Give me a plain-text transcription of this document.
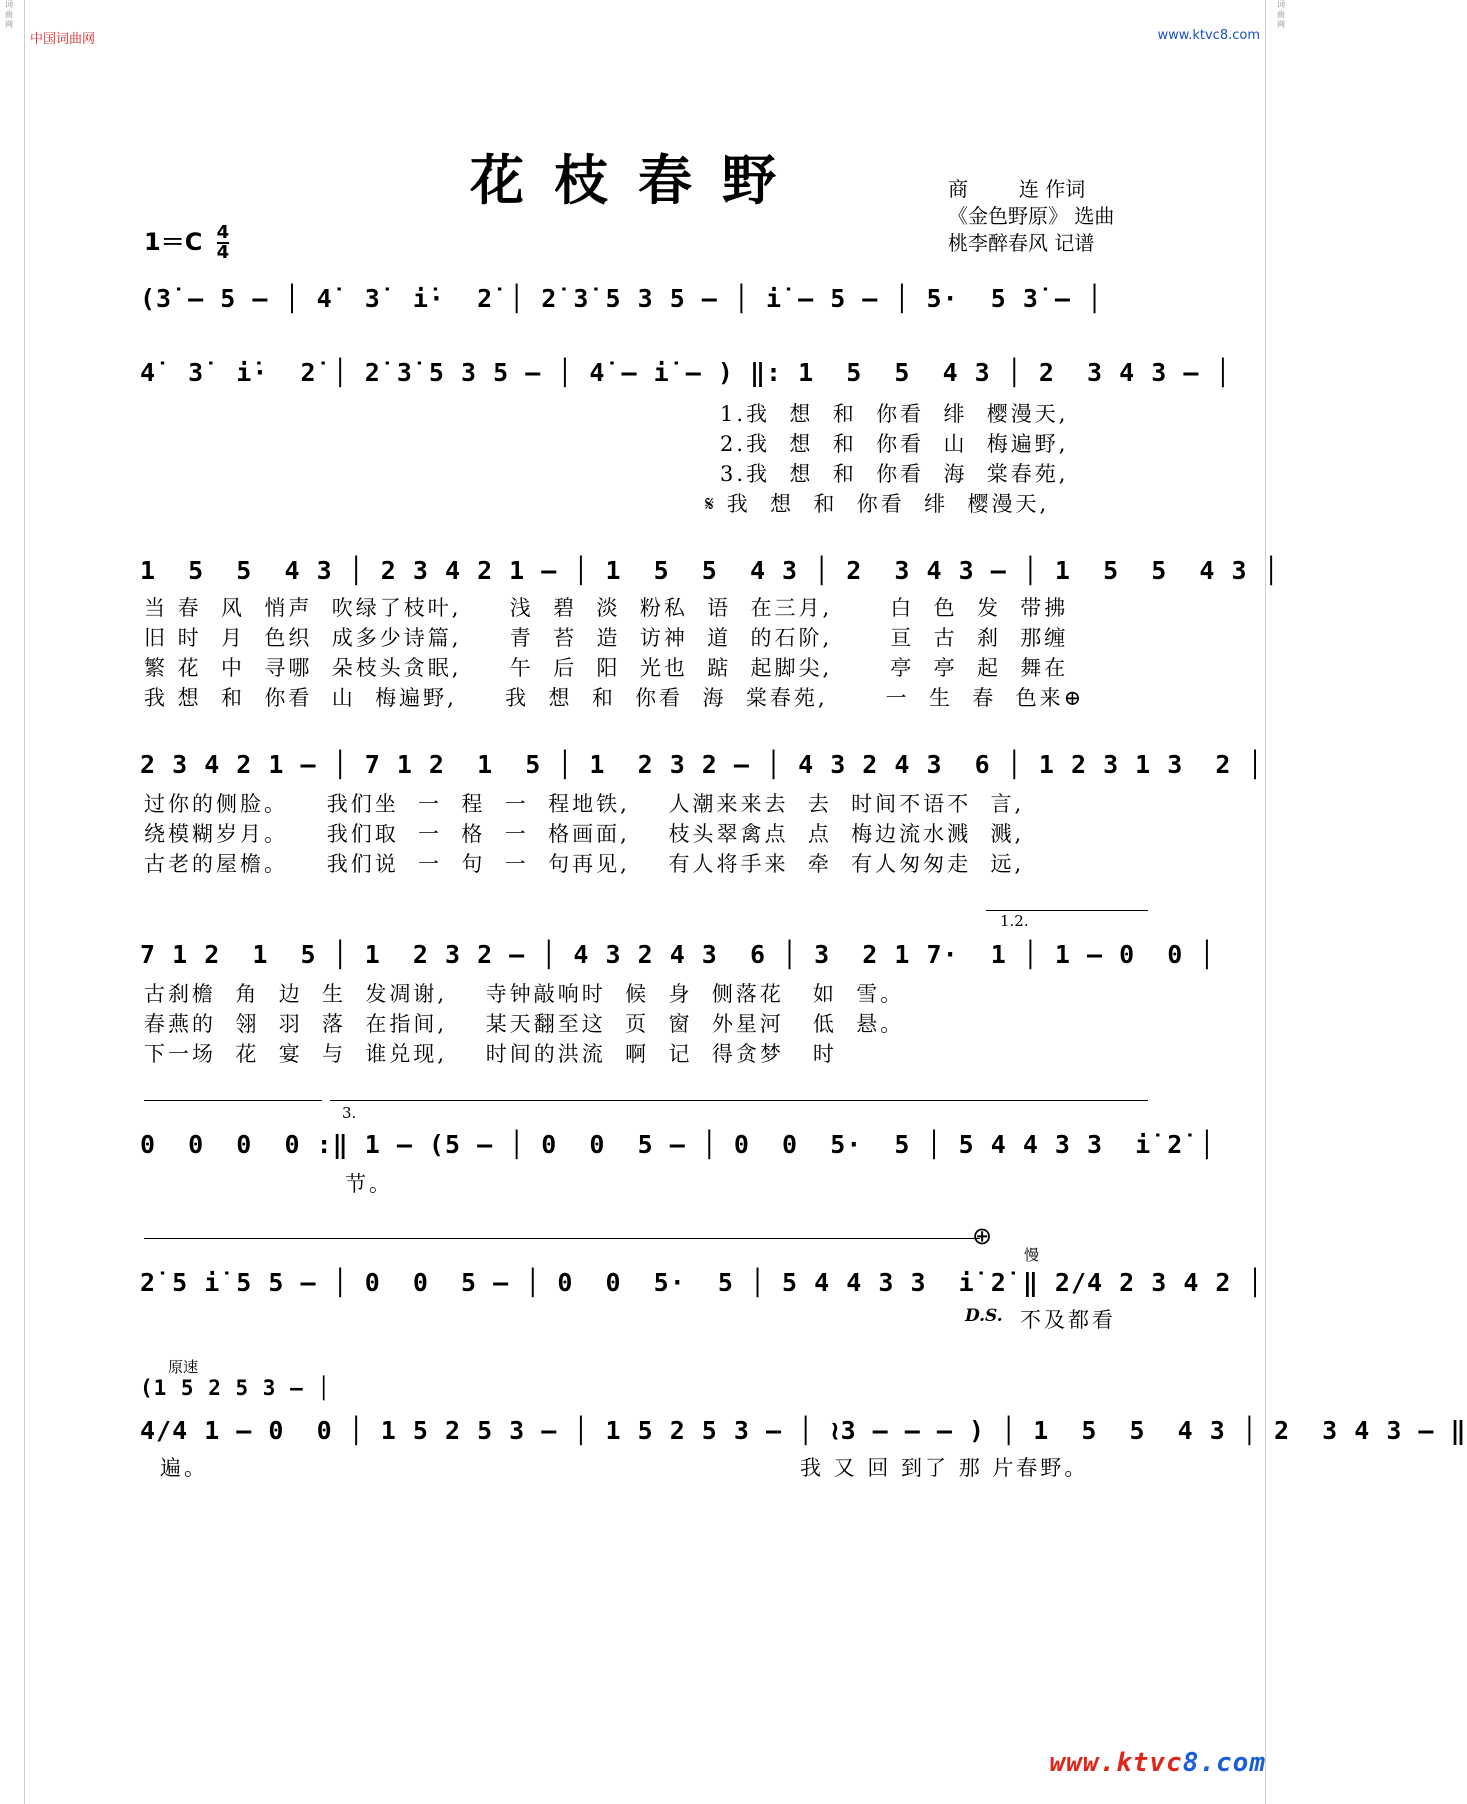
词
曲
网
词
曲
网
中国词曲网	www.ktvc8.com
花枝春野	商        连 作词
《金色野原》 选曲
桃李醉春风 记谱
$1=C \frac{4}{4}$
(3̇ – 5 – │ 4̇  3̇  i̇·  2̇ │ 2̇ 3̇ 5 3 5 – │ i̇ – 5 – │ 5·  5 3̇ – │
4̇  3̇  i̇·  2̇ │ 2̇ 3̇ 5 3 5 – │ 4̇ – i̇ – ) ‖: 1  5  5  4 3 │ 2  3 4 3 – │
1.我  想  和  你看  绯  樱漫天,
2.我  想  和  你看  山  梅遍野,
3.我  想  和  你看  海  棠春苑,
𝄋 我  想  和  你看  绯  樱漫天,
1  5  5  4 3 │ 2 3 4 2 1 – │ 1  5  5  4 3 │ 2  3 4 3 – │ 1  5  5  4 3 │
当 春  风  悄声  吹绿了枝叶,     浅  碧  淡  粉私  语  在三月,      白  色  发  带拂
旧 时  月  色织  成多少诗篇,     青  苔  造  访神  道  的石阶,      亘  古  刹  那缠
繁 花  中  寻哪  朵枝头贪眠,     午  后  阳  光也  踮  起脚尖,      亭  亭  起  舞在
我 想  和  你看  山  梅遍野,     我  想  和  你看  海  棠春苑,      一  生  春  色来⊕
2 3 4 2 1 – │ 7 1 2  1  5 │ 1  2 3 2 – │ 4 3 2 4 3  6 │ 1 2 3 1 3  2 │
过你的侧脸。    我们坐  一  程  一  程地铁,    人潮来来去  去  时间不语不  言,
绕模糊岁月。    我们取  一  格  一  格画面,    枝头翠禽点  点  梅边流水溅  溅,
古老的屋檐。    我们说  一  句  一  句再见,    有人将手来  牵  有人匆匆走  远,
1.2.
7 1 2  1  5 │ 1  2 3 2 – │ 4 3 2 4 3  6 │ 3  2 1 7·  1 │ 1 – 0  0 │
古刹檐  角  边  生  发凋谢,    寺钟敲响时  候  身  侧落花   如  雪。
春燕的  翎  羽  落  在指间,    某天翻至这  页  窗  外星河   低  悬。
下一场  花  宴  与  谁兑现,    时间的洪流  啊  记  得贪梦   时
3.
0  0  0  0 :‖ 1 – (5 – │ 0  0  5 – │ 0  0  5·  5 │ 5 4 4 3 3  i̇ 2̇ │
节。
⊕
慢
2̇ 5 i̇ 5 5 – │ 0  0  5 – │ 0  0  5·  5 │ 5 4 4 3 3  i̇ 2̇ ‖ 2/4 2 3 4 2 │
D.S. 不及都看
原速
(1 5 2 5 3 – │
4/4 1 – 0  0 │ 1 5 2 5 3 – │ 1 5 2 5 3 – │ ≀3 – – – ) │ 1  5  5  4 3 │ 2  3 4 3 – ‖
遍。	我 又 回 到了 那 片春野。
www.ktvc8.com
